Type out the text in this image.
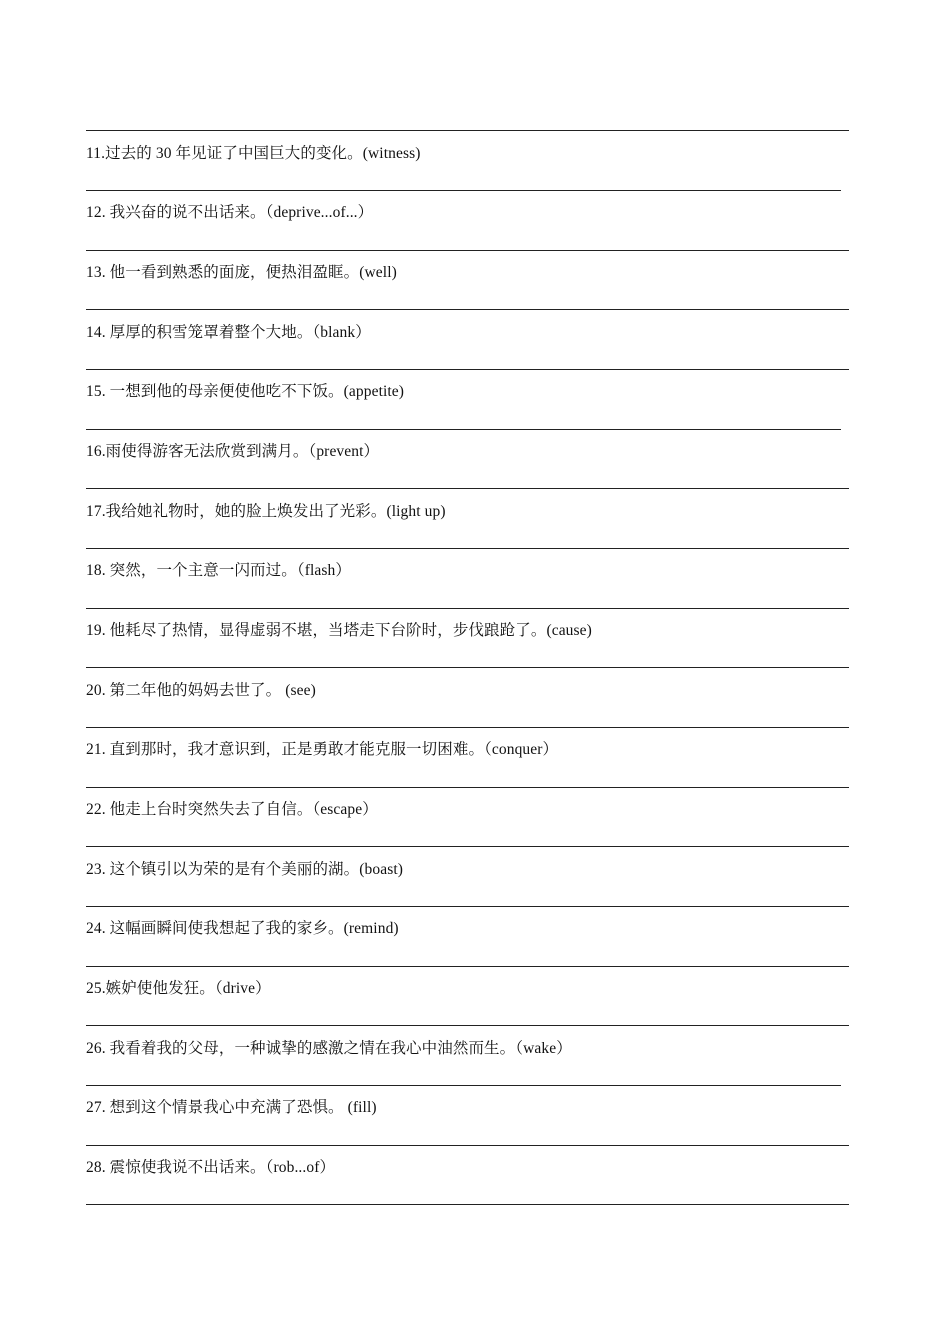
11.过去的 30 年见证了中国巨大的变化。(witness)
12. 我兴奋的说不出话来。（deprive...of...）
13. 他一看到熟悉的面庞，便热泪盈眶。(well)
14. 厚厚的积雪笼罩着整个大地。（blank）
15. 一想到他的母亲便使他吃不下饭。(appetite)
16.雨使得游客无法欣赏到满月。（prevent）
17.我给她礼物时，她的脸上焕发出了光彩。(light up)
18. 突然，一个主意一闪而过。（flash）
19. 他耗尽了热情，显得虚弱不堪，当塔走下台阶时，步伐踉跄了。(cause)
20. 第二年他的妈妈去世了。 (see)
21. 直到那时，我才意识到，正是勇敢才能克服一切困难。（conquer）
22. 他走上台时突然失去了自信。（escape）
23. 这个镇引以为荣的是有个美丽的湖。(boast)
24. 这幅画瞬间使我想起了我的家乡。(remind)
25.嫉妒使他发狂。（drive）
26. 我看着我的父母，一种诚挚的感激之情在我心中油然而生。（wake）
27. 想到这个情景我心中充满了恐惧。 (fill)
28. 震惊使我说不出话来。（rob...of）
